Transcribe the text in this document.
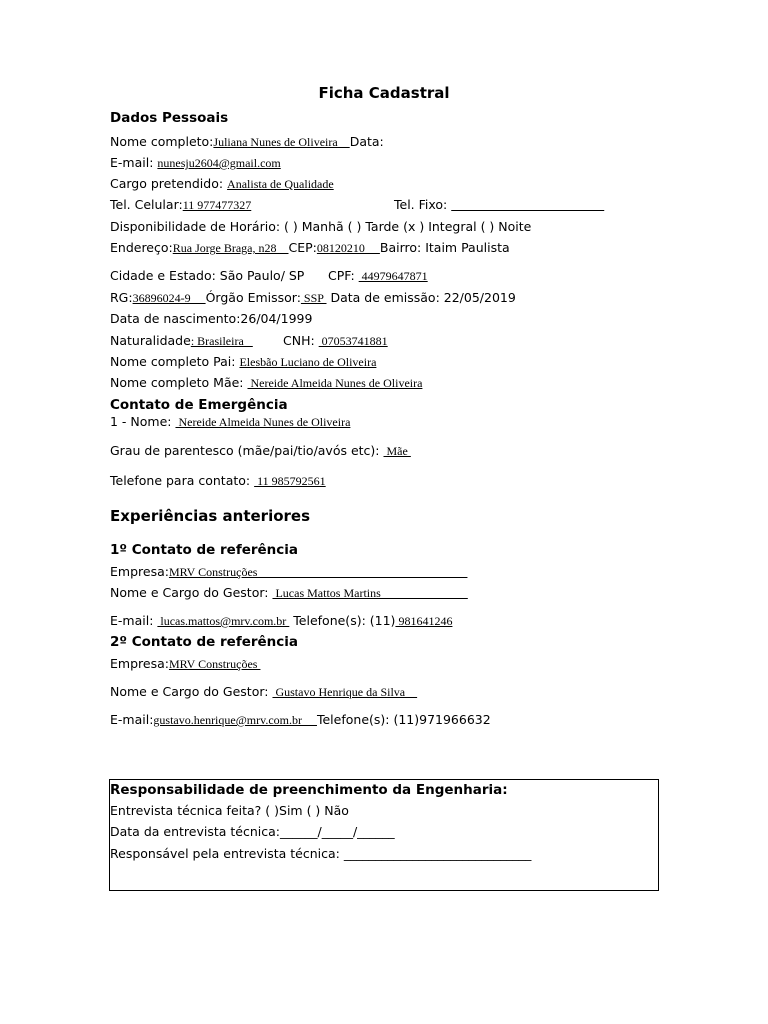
Ficha Cadastral
Dados Pessoais
Nome completo:Juliana Nunes de Oliveira    Data:
E-mail: nunesju2604@gmail.com
Cargo pretendido: Analista de Qualidade
Tel. Celular:11 977477327	Tel. Fixo:
Disponibilidade de Horário: ( ) Manhã ( ) Tarde (x ) Integral ( ) Noite
Endereço:Rua Jorge Braga, n28    CEP:08120210     Bairro: Itaim Paulista
Cidade e Estado: São Paulo/ SP CPF:  44979647871
RG:36896024-9     Órgão Emissor: SSP  Data de emissão: 22/05/2019
Data de nascimento:26/04/1999
Naturalidade: Brasileira CNH:  07053741881
Nome completo Pai: Elesbão Luciano de Oliveira
Nome completo Mãe:  Nereide Almeida Nunes de Oliveira
Contato de Emergência
1 - Nome:  Nereide Almeida Nunes de Oliveira
Grau de parentesco (mãe/pai/tio/avós etc):  Mãe
Telefone para contato:  11 985792561
Experiências anteriores
1º Contato de referência
Empresa:MRV Construções
Nome e Cargo do Gestor:  Lucas Mattos Martins
E-mail:  lucas.mattos@mrv.com.br  Telefone(s): (11) 981641246
2º Contato de referência
Empresa:MRV Construções
Nome e Cargo do Gestor:  Gustavo Henrique da Silva
E-mail:gustavo.henrique@mrv.com.br     Telefone(s): (11)971966632
Responsabilidade de preenchimento da Engenharia:
Entrevista técnica feita? ( )Sim ( ) Não
Data da entrevista técnica:______/_____/______
Responsável pela entrevista técnica: ______________________________
